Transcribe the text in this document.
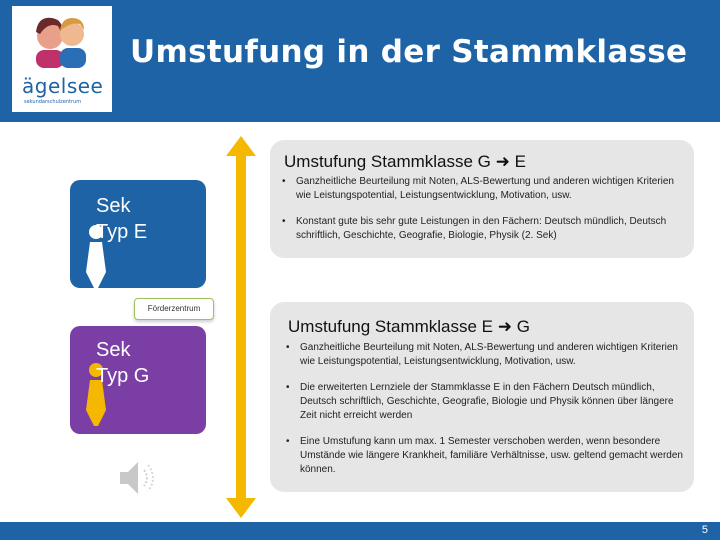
ägelsee
sekundarschulzentrum
Umstufung in der Stammklasse
Sek
Typ E
Förderzentrum
Sek
Typ G
Umstufung Stammklasse G ➜ E
• Ganzheitliche Beurteilung mit Noten, ALS-Bewertung und anderen wichtigen Kriterien wie Leistungspotential, Leistungsentwicklung, Motivation, usw.
• Konstant gute bis sehr gute Leistungen in den Fächern: Deutsch mündlich, Deutsch schriftlich, Geschichte, Geografie, Biologie, Physik (2. Sek)
Umstufung Stammklasse E ➜ G
• Ganzheitliche Beurteilung mit Noten, ALS-Bewertung und anderen wichtigen Kriterien wie Leistungspotential, Leistungsentwicklung, Motivation, usw.
• Die erweiterten Lernziele der Stammklasse E in den Fächern Deutsch mündlich, Deutsch schriftlich, Geschichte, Geografie, Biologie und Physik können über längere Zeit nicht erreicht werden
• Eine Umstufung kann um max. 1 Semester verschoben werden, wenn besondere Umstände wie längere Krankheit, familiäre Verhältnisse, usw. geltend gemacht werden können.
5
